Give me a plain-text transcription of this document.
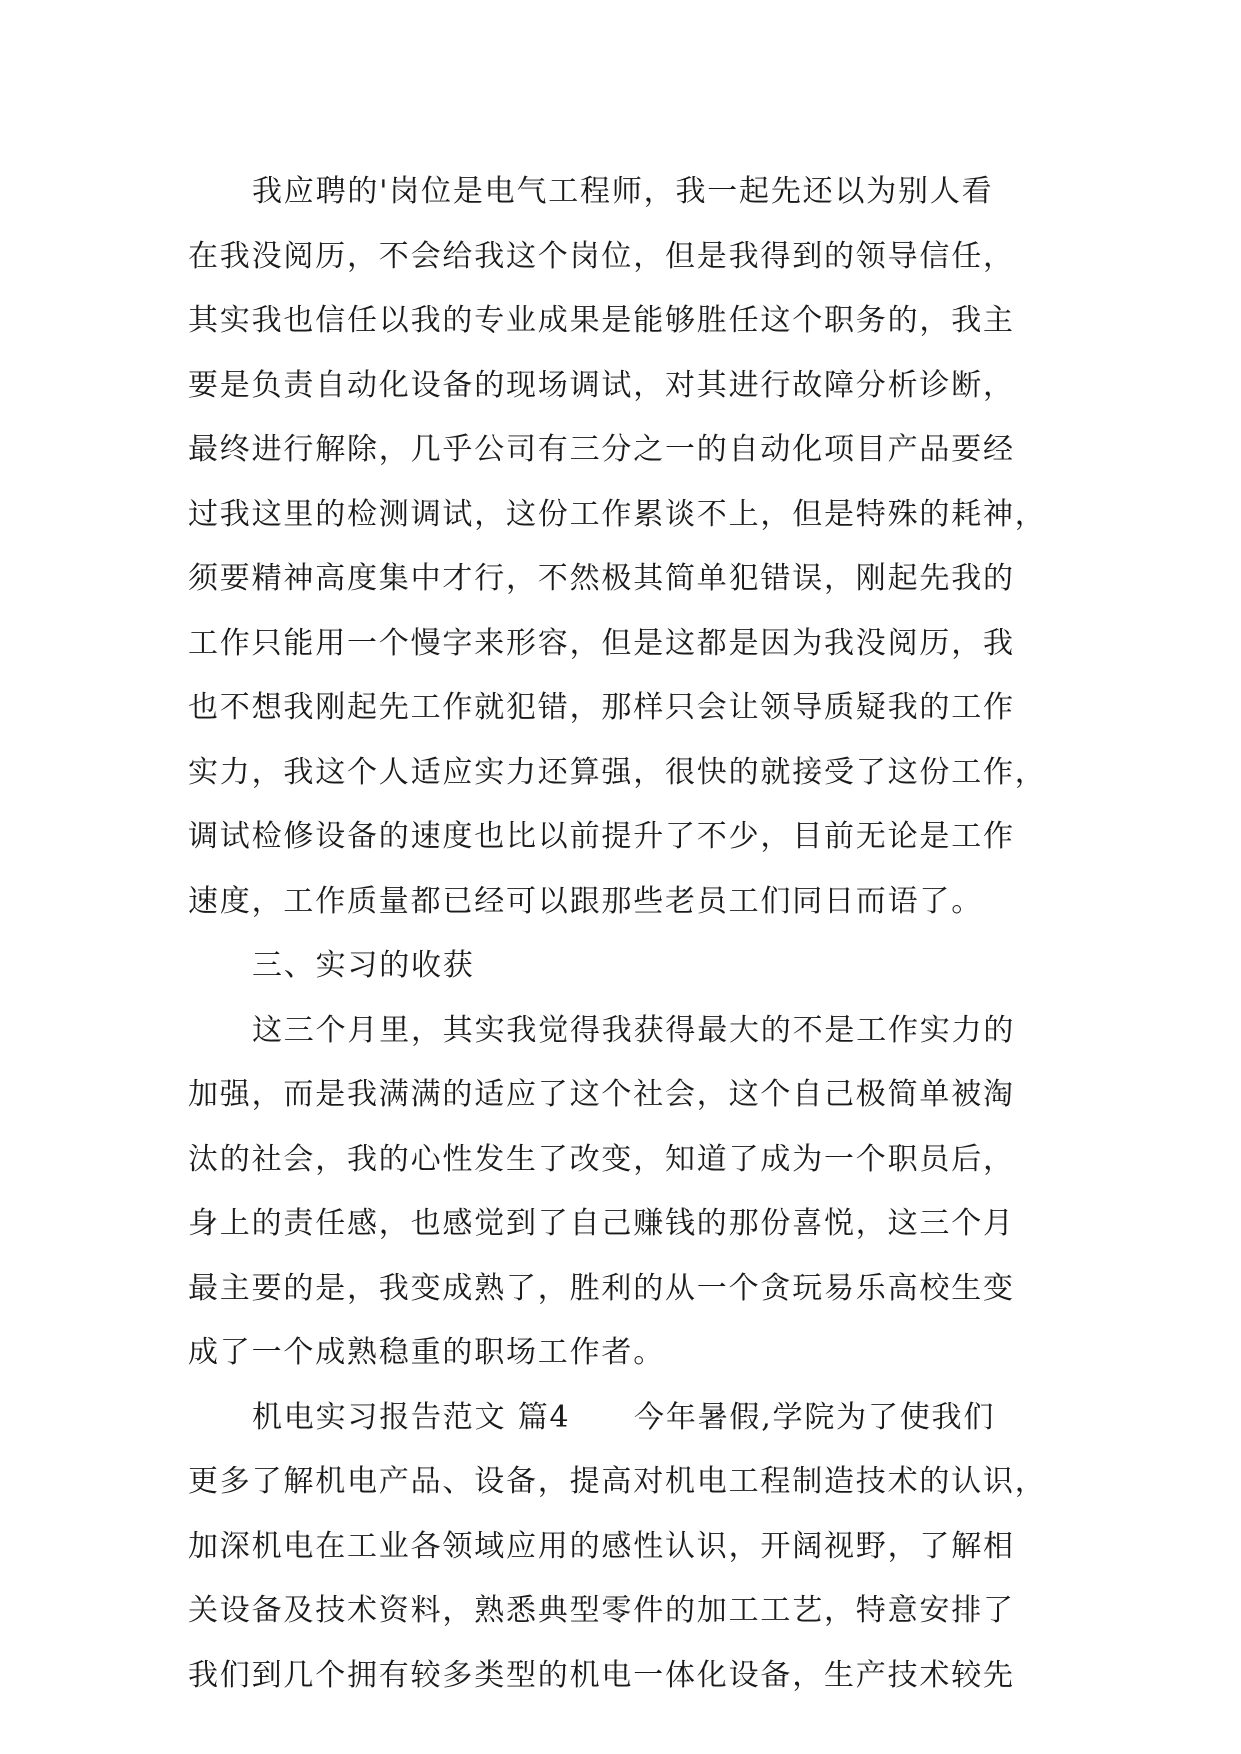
我应聘的'岗位是电气工程师，我一起先还以为别人看
在我没阅历，不会给我这个岗位，但是我得到的领导信任，
其实我也信任以我的专业成果是能够胜任这个职务的，我主
要是负责自动化设备的现场调试，对其进行故障分析诊断，
最终进行解除，几乎公司有三分之一的自动化项目产品要经
过我这里的检测调试，这份工作累谈不上，但是特殊的耗神，
须要精神高度集中才行，不然极其简单犯错误，刚起先我的
工作只能用一个慢字来形容，但是这都是因为我没阅历，我
也不想我刚起先工作就犯错，那样只会让领导质疑我的工作
实力，我这个人适应实力还算强，很快的就接受了这份工作，
调试检修设备的速度也比以前提升了不少，目前无论是工作
速度，工作质量都已经可以跟那些老员工们同日而语了。
三、实习的收获
这三个月里，其实我觉得我获得最大的不是工作实力的
加强，而是我满满的适应了这个社会，这个自己极简单被淘
汰的社会，我的心性发生了改变，知道了成为一个职员后，
身上的责任感，也感觉到了自己赚钱的那份喜悦，这三个月
最主要的是，我变成熟了，胜利的从一个贪玩易乐高校生变
成了一个成熟稳重的职场工作者。
机电实习报告范文 篇4　　今年暑假,学院为了使我们
更多了解机电产品、设备，提高对机电工程制造技术的认识，
加深机电在工业各领域应用的感性认识，开阔视野，了解相
关设备及技术资料，熟悉典型零件的加工工艺，特意安排了
我们到几个拥有较多类型的机电一体化设备，生产技术较先
